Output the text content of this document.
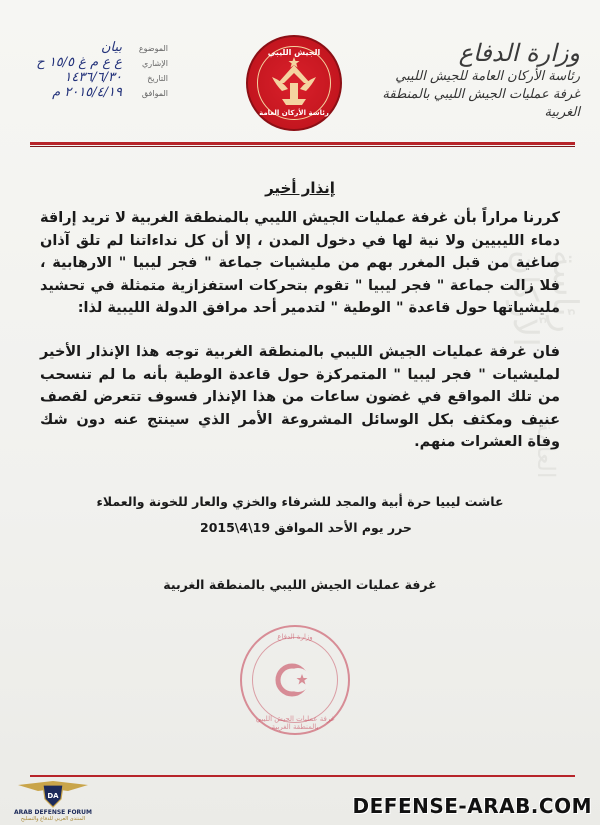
رئاسة الأركان
العامة
وزارة الدفاع
رئاسة الأركان العامة للجيش الليبي
غرفة عمليات الجيش الليبي بالمنطقة الغربية
الموضوع
بيان
الإشاري
ع ع م غ ١٥/٥ ح
التاريخ
١٤٣٦/٦/٣٠
الموافق
٢٠١٥/٤/١٩ م
الجيش الليبي
رئاسة الأركان العامة
إنذار أخير
كررنا مراراً بأن غرفة عمليات الجيش الليبي بالمنطقة الغربية لا تريد إراقة دماء الليبيين ولا نية لها في دخول المدن ، إلا أن كل نداءاتنا لم تلق آذان صاغية من قبل المغرر بهم من مليشيات جماعة " فجر ليبيا " الارهابية ، فلا زالت جماعة " فجر ليبيا " تقوم بتحركات استفزازية متمثلة في تحشيد مليشياتها حول قاعدة " الوطية " لتدمير أحد مرافق الدولة الليبية لذا:
فان غرفة عمليات الجيش الليبي بالمنطقة الغربية توجه هذا الإنذار الأخير لمليشيات " فجر ليبيا " المتمركزة حول قاعدة الوطية بأنه ما لم تنسحب من تلك المواقع في غضون ساعات من هذا الإنذار فسوف تتعرض لقصف عنيف ومكثف بكل الوسائل المشروعة الأمر الذي سينتج عنه دون شك وفاة العشرات منهم.
عاشت ليبيا حرة أبية والمجد للشرفاء والخزي والعار للخونة والعملاء
حرر يوم الأحد الموافق 19\4\2015
غرفة عمليات الجيش الليبي بالمنطقة الغربية
وزارة الدفاع
غرفة عمليات الجيش الليبي بالمنطقة الغربية
DA
ARAB DEFENSE FORUM
المنتدى العربي للدفاع والتسليح
DEFENSE-ARAB.COM
